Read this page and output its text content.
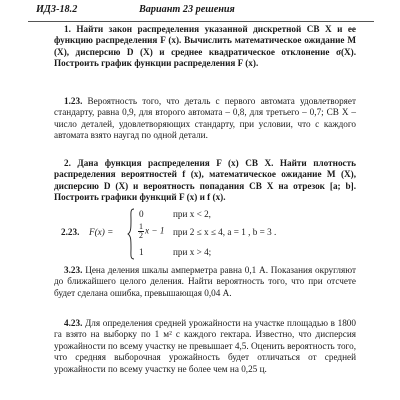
ИДЗ-18.2	Вариант 23 решения
1. Найти закон распределения указанной дискретной СВ X и ее функцию распределения F (x). Вычислить математическое ожидание M (X), дисперсию D (X) и среднее квадратическое отклонение σ(X). Построить график функции распределения F (x).
1.23. Вероятность того, что деталь с первого автомата удовлетворяет стандарту, равна 0,9, для второго автомата – 0,8, для третьего – 0,7; СВ X – число деталей, удовлетворяющих стандарту, при условии, что с каждого автомата взято наугад по одной детали.
2. Дана функция распределения F (x) СВ X. Найти плотность распределения вероятностей f (x), математическое ожидание M (X), дисперсию D (X) и вероятность попадания СВ X на отрезок [a; b]. Построить графики функций F (x) и f (x).
2.23. F(x) =
0	при x < 2,
$\frac{1}{2}$ x − 1 при 2 ≤ x ≤ 4, a = 1 , b = 3 .
1	при x > 4;
3.23. Цена деления шкалы амперметра равна 0,1 А. Показания округляют до ближайшего целого деления. Найти вероятность того, что при отсчете будет сделана ошибка, превышающая 0,04 А.
4.23. Для определения средней урожайности на участке площадью в 1800 га взято на выборку по 1 м² с каждого гектара. Известно, что дисперсия урожайности по всему участку не превышает 4,5. Оценить вероятность того, что средняя выборочная урожайность будет отличаться от средней урожайности по всему участку не более чем на 0,25 ц.
